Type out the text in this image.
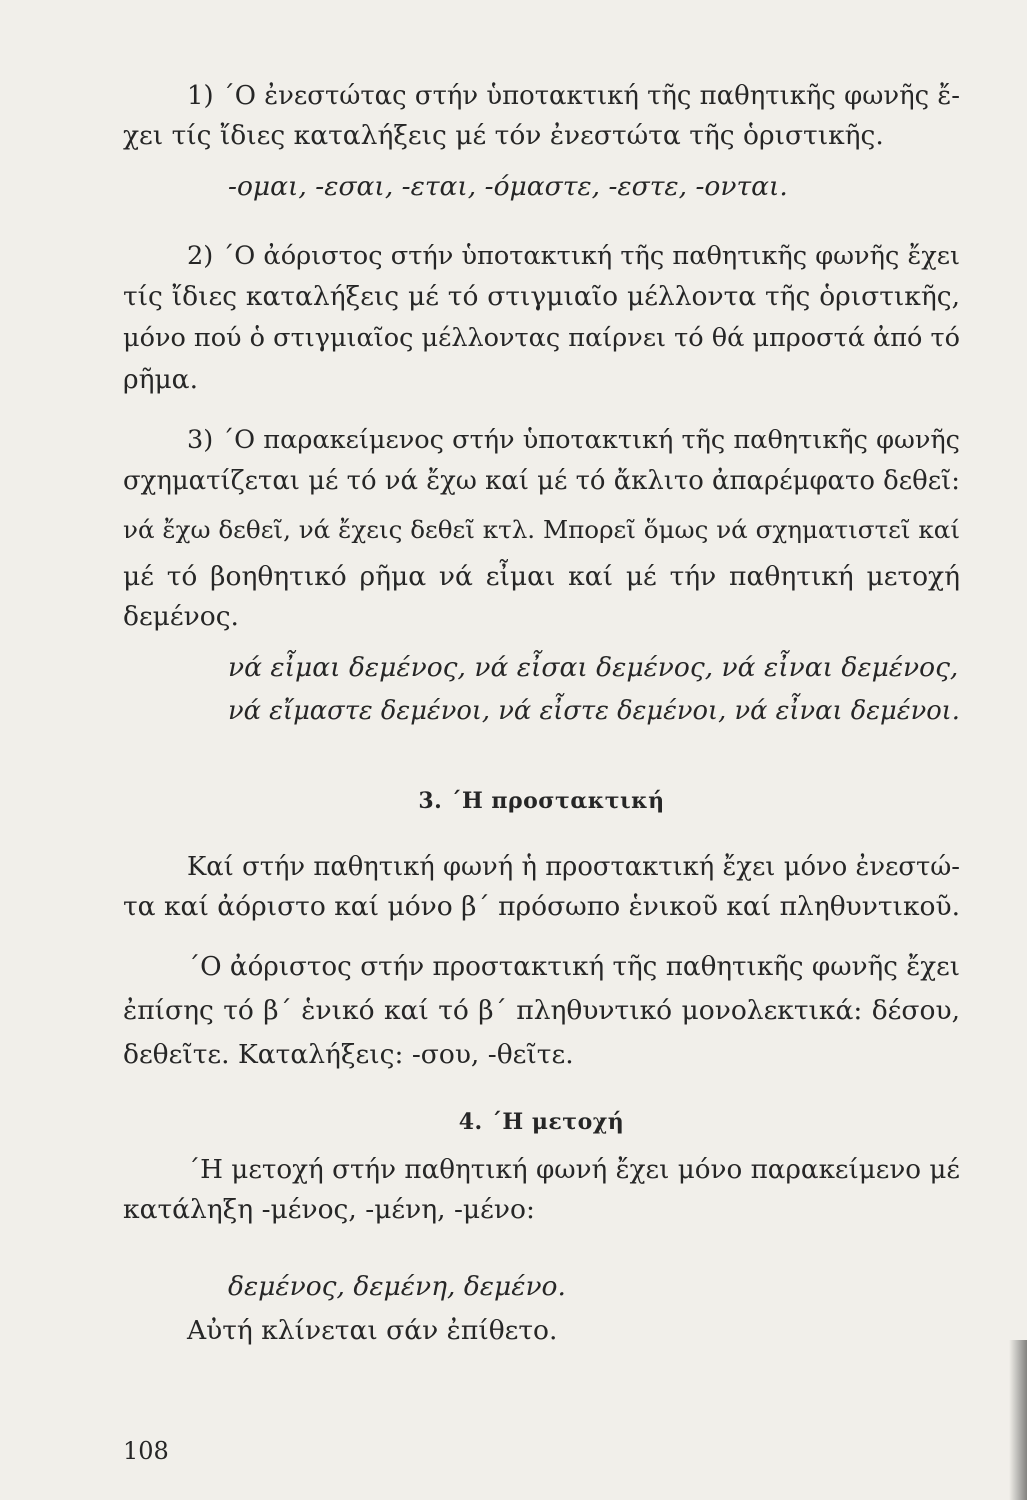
1) ΄Ο ἐνεστώτας στήν ὑποτακτική τῆς παθητικῆς φωνῆς ἔ-
χει τίς ἴδιες καταλήξεις μέ τόν ἐνεστώτα τῆς ὁριστικῆς.
-ομαι, -εσαι, -εται, -όμαστε, -εστε, -ονται.
2) ΄Ο ἀόριστος στήν ὑποτακτική τῆς παθητικῆς φωνῆς ἔχει
τίς ἴδιες καταλήξεις μέ τό στιγμιαῖο μέλλοντα τῆς ὁριστικῆς,
μόνο πού ὁ στιγμιαῖος μέλλοντας παίρνει τό θά μπροστά ἀπό τό
ρῆμα.
3) ΄Ο παρακείμενος στήν ὑποτακτική τῆς παθητικῆς φωνῆς
σχηματίζεται μέ τό νά ἔχω καί μέ τό ἄκλιτο ἀπαρέμφατο δεθεῖ:
νά ἔχω δεθεῖ, νά ἔχεις δεθεῖ κτλ. Μπορεῖ ὅμως νά σχηματιστεῖ καί
μέ τό βοηθητικό ρῆμα νά εἶμαι καί μέ τήν παθητική μετοχή
δεμένος.
νά εἶμαι δεμένος, νά εἶσαι δεμένος, νά εἶναι δεμένος,
νά εἴμαστε δεμένοι, νά εἶστε δεμένοι, νά εἶναι δεμένοι.
Καί στήν παθητική φωνή ἡ προστακτική ἔχει μόνο ἐνεστώ-
τα καί ἀόριστο καί μόνο β΄ πρόσωπο ἑνικοῦ καί πληθυντικοῦ.
΄Ο ἀόριστος στήν προστακτική τῆς παθητικῆς φωνῆς ἔχει
ἐπίσης τό β΄ ἑνικό καί τό β΄ πληθυντικό μονολεκτικά: δέσου,
δεθεῖτε. Καταλήξεις: -σου, -θεῖτε.
΄Η μετοχή στήν παθητική φωνή ἔχει μόνο παρακείμενο μέ
κατάληξη -μένος, -μένη, -μένο:
δεμένος, δεμένη, δεμένο.
Αὐτή κλίνεται σάν ἐπίθετο.
3. ΄Η προστακτική
4. ΄Η μετοχή
108
